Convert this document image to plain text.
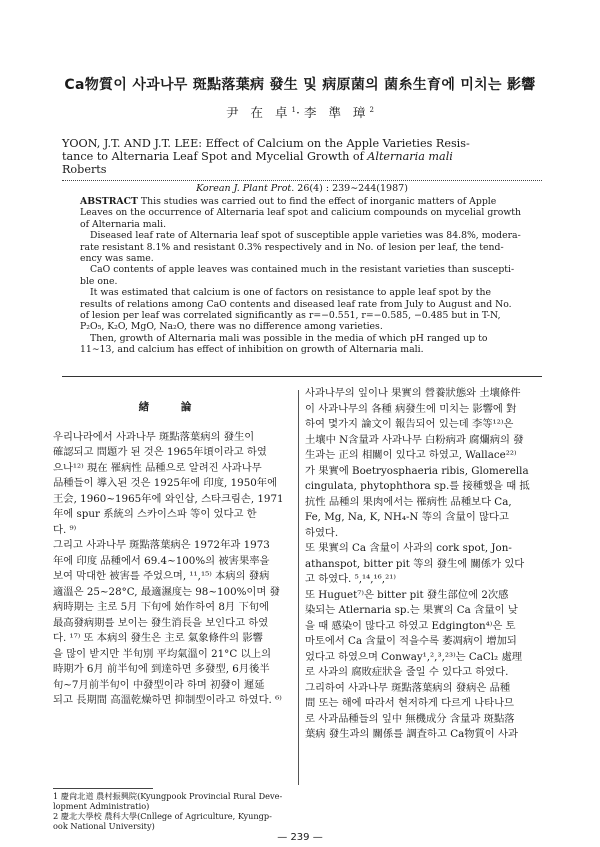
Ca物質이 사과나무 斑點落葉病 發生 및 病原菌의 菌糸生育에 미치는 影響
尹 在 卓$^1$·李 準 璋$^2$

YOON, J.T. AND J.T. LEE: Effect of Calcium on the Apple Varieties Resis-

tance to Alternaria Leaf Spot and Mycelial Growth of Alternaria mali

Roberts

Korean J. Plant Prot. 26(4) : 239∼244(1987)
ABSTRACT This studies was carried out to find the effect of inorganic matters of Apple
Leaves on the occurrence of Alternaria leaf spot and calicium compounds on mycelial growth
of Alternaria mali.
Diseased leaf rate of Alternaria leaf spot of susceptible apple varieties was 84.8%, modera-
rate resistant 8.1% and resistant 0.3% respectively and in No. of lesion per leaf, the tend-
ency was same.
CaO contents of apple leaves was contained much in the resistant varieties than suscepti-
ble one.
It was estimated that calcium is one of factors on resistance to apple leaf spot by the
results of relations among CaO contents and diseased leaf rate from July to August and No.
of lesion per leaf was correlated significantly as r=−0.551, r=−0.585, −0.485 but in T-N,
P₂O₅, K₂O, MgO, Na₂O, there was no difference among varieties.
Then, growth of Alternaria mali was possible in the media of which pH ranged up to
11∼13, and calcium has effect of inhibition on growth of Alternaria mali.
緖 論
우리나라에서 사과나무 斑點落葉病의 發生이
確認되고 問題가 된 것은 1965年頃이라고 하였
으나¹²⁾ 現在 罹病性 品種으로 알려진 사과나무
品種들이 導入된 것은 1925年에 印度, 1950年에
王会, 1960∼1965年에 와인삽, 스타크림손, 1971
年에 spur 系統의 스카이스파 等이 었다고 한
다. ⁹⁾
그리고 사과나무 斑點落葉病은 1972年과 1973
年에 印度 品種에서 69.4∼100%의 被害果率을
보여 막대한 被害를 주었으며, ¹¹,¹⁵⁾ 本病의 發病
適溫은 25∼28°C, 最適濕度는 98∼100%이며 發
病時期는 主로 5月 下旬에 始作하여 8月 下旬에
最高發病期를 보이는 發生消長을 보인다고 하였
다. ¹⁷⁾ 또 本病의 發生은 主로 氣象條件의 影響
을 많이 받지만 半旬別 平均氣溫이 21°C 以上의
時期가 6月 前半旬에 到達하면 多發型, 6月後半
旬∼7月前半旬이 中發型이라 하며 初發이 遲延
되고 長期間 高溫乾燥하면 抑制型이라고 하였다. ⁶⁾
사과나무의 잎이나 果實의 營養狀態와 土壤條件
이 사과나무의 各種 病發生에 미치는 影響에 對
하여 몇가지 論文이 報告되어 있는데 李等¹²⁾은
土壤中 N含量과 사과나무 白粉病과 腐爛病의 發
生과는 正의 相關이 있다고 하였고, Wallace²²⁾
가 果實에 Boetryosphaeria ribis, Glomerella
cingulata, phytophthora sp.를 接種했을 때 抵
抗性 品種의 果肉에서는 罹病性 品種보다 Ca,
Fe, Mg, Na, K, NH₄-N 等의 含量이 많다고
하였다.
또 果實의 Ca 含量이 사과의 cork spot, Jon-
athanspot, bitter pit 等의 發生에 關係가 있다
고 하였다. ⁵,¹⁴,¹⁶,²¹⁾
또 Huguet⁷⁾은 bitter pit 發生部位에 2次感
染되는 Atlernaria sp.는 果實의 Ca 含量이 낮
을 때 感染이 많다고 하였고 Edgington⁴⁾은 토
마토에서 Ca 含量이 적을수록 萎凋病이 增加되
었다고 하였으며 Conway¹,²,³,²³⁾는 CaCl₂ 處理
로 사과의 腐敗症狀을 줄일 수 있다고 하였다.
그리하여 사과나무 斑點落葉病의 發病은 品種
間 또는 해에 따라서 현저하게 다르게 나타나므
로 사과品種들의 잎中 無機成分 含量과 斑點落
葉病 發生과의 關係를 調査하고 Ca物質이 사과
1 慶尙北道 農村振興院(Kyungpook Provincial Rural Deve-
lopment Administratio)
2 慶北大學校 農科大學(Cnllege of Agriculture, Kyungp-
ook National University)
— 239 —
